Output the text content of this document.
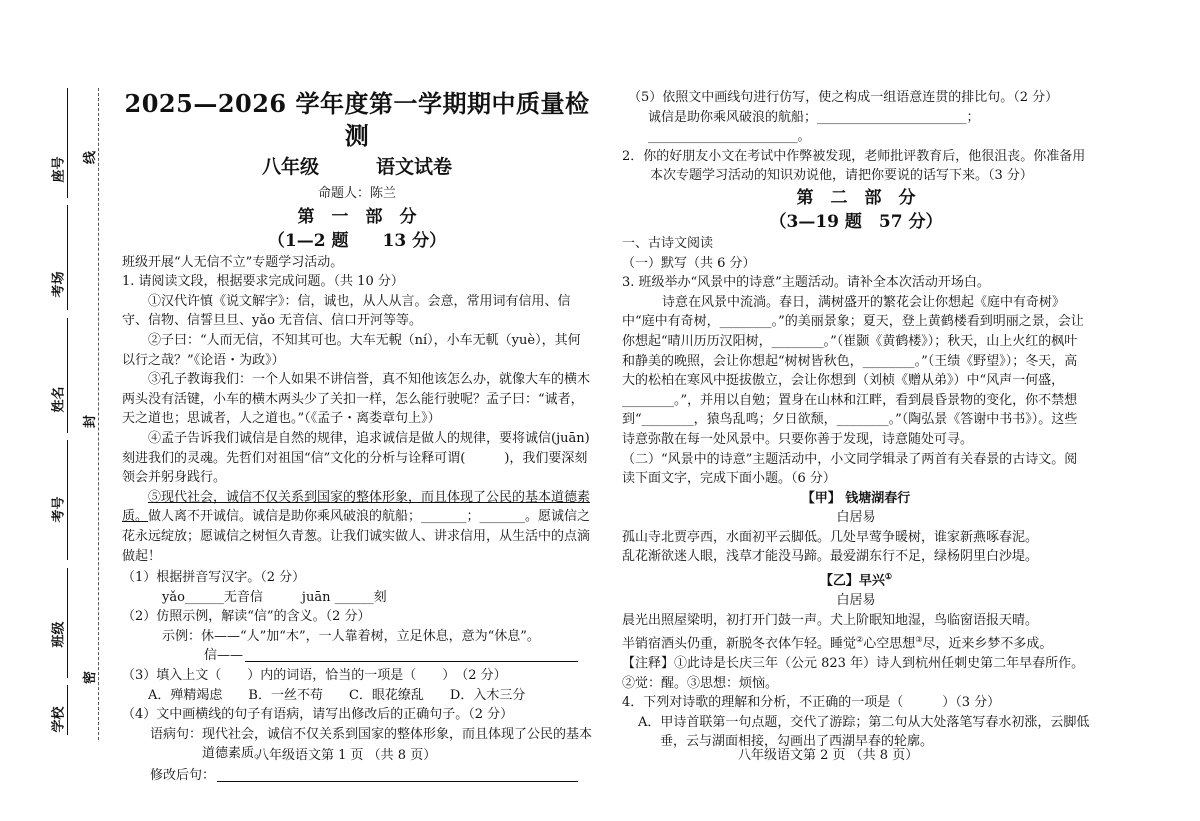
座号
考场
姓名
考号
班级
学校
线
封
密

2025—2026 学年度第一学期期中质量检测

八年级　　　语文试卷

命题人：陈兰

第　一　部　分

（1—2 题　　13 分）

班级开展“人无信不立”专题学习活动。

1. 请阅读文段，根据要求完成问题。（共 10 分）

①汉代许慎《说文解字》：信，诚也，从人从言。会意，常用词有信用、信守、信物、信誓旦旦、yǎo 无音信、信口开河等等。

②子曰：“人而无信，不知其可也。大车无輗（ní），小车无軏（yuè），其何以行之哉？”《论语・为政》）

③孔子教诲我们：一个人如果不讲信誉，真不知他该怎么办，就像大车的横木两头没有活键，小车的横木两头少了关扣一样，怎么能行驶呢？孟子曰：“诚者，天之道也；思诚者，人之道也。”（《孟子・离娄章句上》）

④孟子告诉我们诚信是自然的规律，追求诚信是做人的规律，要将诚信(juān)刻进我们的灵魂。先哲们对祖国“信”文化的分析与诠释可谓(　　　)，我们要深刻领会并躬身践行。

⑤现代社会，诚信不仅关系到国家的整体形象，而且体现了公民的基本道德素质。做人离不开诚信。诚信是助你乘风破浪的航船；_______；_______。愿诚信之花永远绽放；愿诚信之树恒久青葱。让我们诚实做人、讲求信用，从生活中的点滴做起！

（1）根据拼音写汉字。（2 分）

yǎo______无音信　　　juān ______刻

（2）仿照示例，解读“信”的含义。（2 分）

示例：休——“人”加“木”，一人靠着树，立足休息，意为“休息”。

信——

（3）填入上文（　　）内的词语，恰当的一项是（　　）　（2 分）

A．殚精竭虑 B．一丝不苟 C．眼花缭乱 D．入木三分

（4）文中画横线的句子有语病，请写出修改后的正确句子。（2 分）

语病句：现代社会，诚信不仅关系到国家的整体形象，而且体现了公民的基本道德素质。

修改后句：

八年级语文第 1 页 （共 8 页）

（5）依照文中画线句进行仿写，使之构成一组语意连贯的排比句。（2 分）

诚信是助你乘风破浪的航船；_______________________；_______________________。

2．你的好朋友小文在考试中作弊被发现，老师批评教育后，他很沮丧。你准备用本次专题学习活动的知识劝说他，请把你要说的话写下来。（3 分）

第　二　部　分

（3—19 题　57 分）

一、古诗文阅读

（一）默写（共 6 分）

3. 班级举办“风景中的诗意”主题活动。请补全本次活动开场白。

诗意在风景中流淌。春日，满树盛开的繁花会让你想起《庭中有奇树》中“庭中有奇树，________。”的美丽景象；夏天，登上黄鹤楼看到明丽之景，会让你想起“晴川历历汉阳树，________。”（崔颢《黄鹤楼》）；秋天，山上火红的枫叶和静美的晚照，会让你想起“树树皆秋色，________。”（王绩《野望》）；冬天，高大的松柏在寒风中挺拔傲立，会让你想到（刘桢《赠从弟》）中“风声一何盛，________。”，并用以自勉；置身在山林和江畔，看到晨昏景物的变化，你不禁想到“________，猿鸟乱鸣；夕日欲颓，________。”（陶弘景《答谢中书书》）。这些诗意弥散在每一处风景中。只要你善于发现，诗意随处可寻。

（二）“风景中的诗意”主题活动中，小文同学辑录了两首有关春景的古诗文。阅读下面文字，完成下面小题。（6 分）

【甲】 钱塘湖春行

白居易

孤山寺北贾亭西，水面初平云脚低。几处早莺争暖树，谁家新燕啄春泥。

乱花渐欲迷人眼，浅草才能没马蹄。最爱湖东行不足，绿杨阴里白沙堤。

【乙】早兴①

白居易

晨光出照屋梁明，初打开门鼓一声。犬上阶眠知地湿，鸟临窗语报天晴。

半销宿酒头仍重，新脱冬衣体乍轻。睡觉②心空思想③尽，近来乡梦不多成。

【注释】①此诗是长庆三年（公元 823 年）诗人到杭州任刺史第二年早春所作。

②觉：醒。③思想：烦恼。

4．下列对诗歌的理解和分析，不正确的一项是（　　　）（3 分）

A．甲诗首联第一句点题，交代了游踪；第二句从大处落笔写春水初涨，云脚低垂，云与湖面相接，勾画出了西湖早春的轮廓。

八年级语文第 2 页 （共 8 页）
